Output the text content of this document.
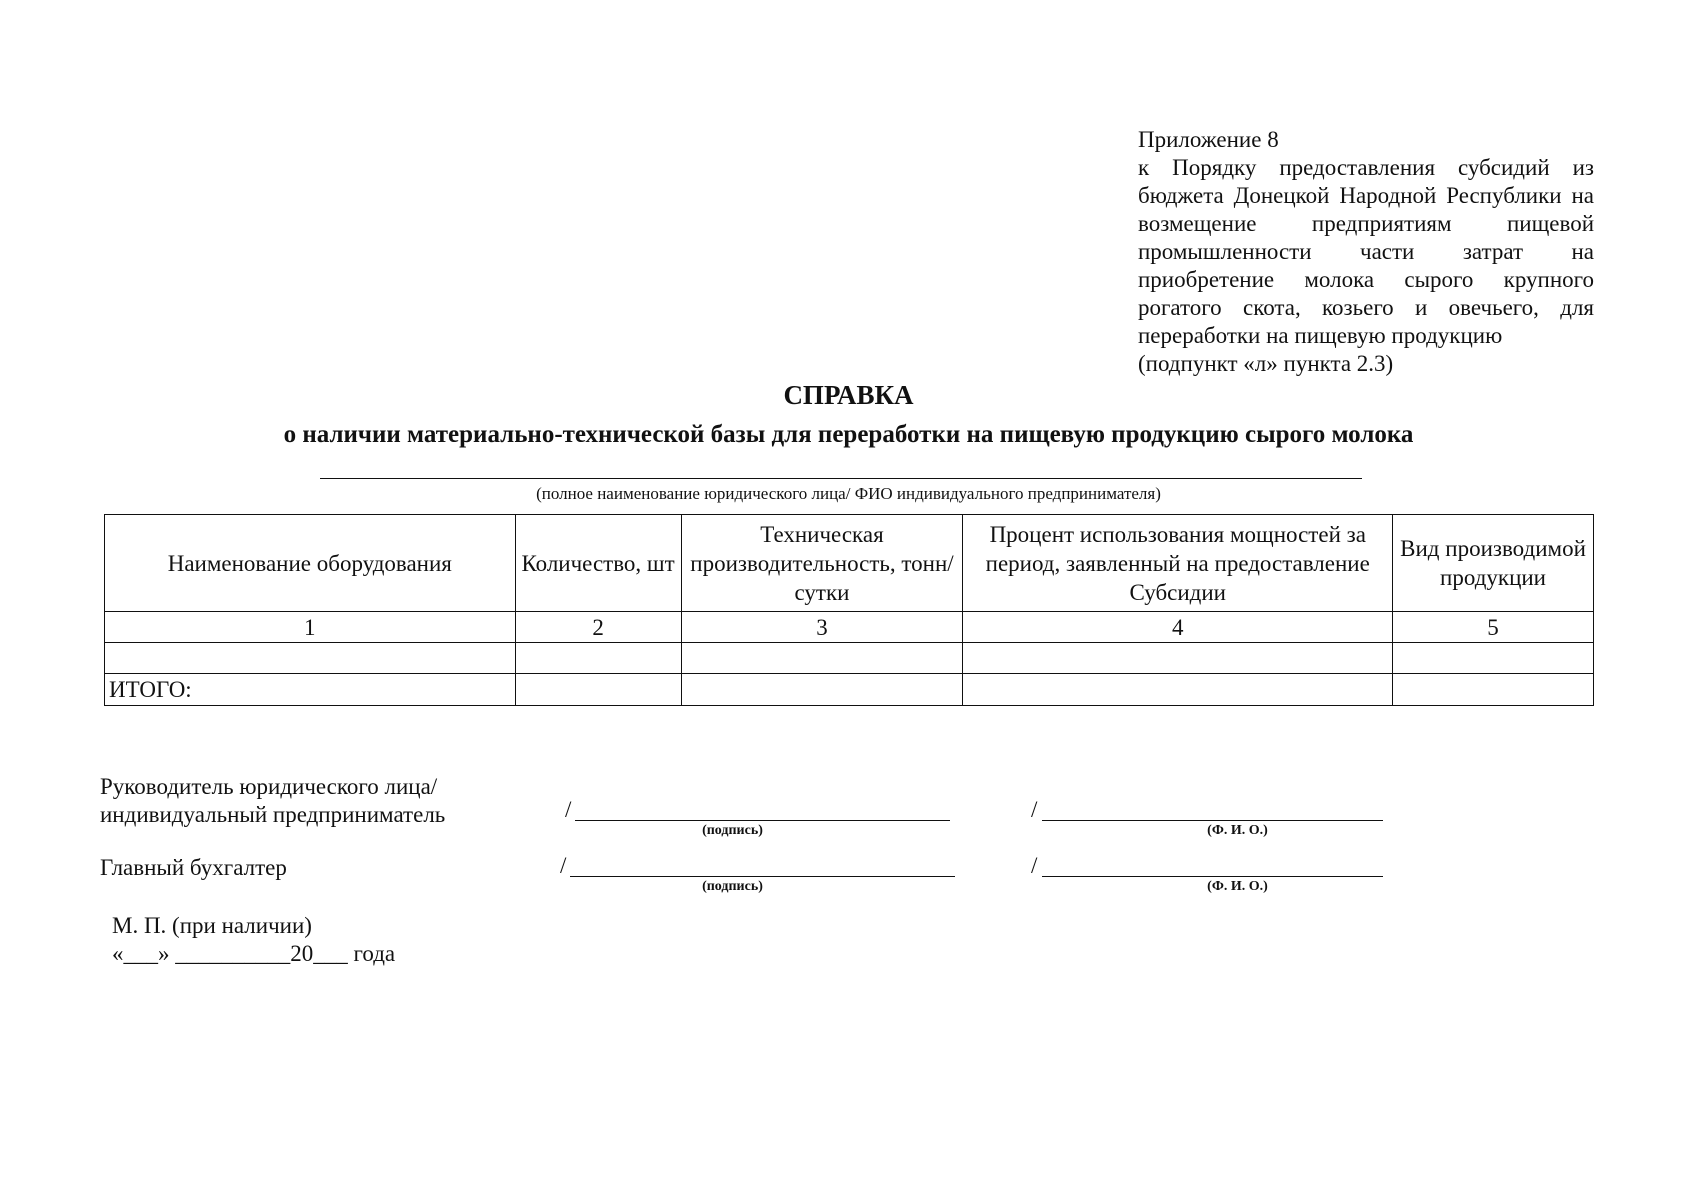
Приложение 8
к Порядку предоставления субсидий из бюджета Донецкой Народной Республики на возмещение предприятиям пищевой промышленности части затрат на приобретение молока сырого крупного рогатого скота, козьего и овечьего, для переработки на пищевую продукцию
(подпункт «л» пункта 2.3)
СПРАВКА
о наличии материально-технической базы для переработки на пищевую продукцию сырого молока
(полное наименование юридического лица/ ФИО индивидуального предпринимателя)
Наименование оборудования	Количество, шт	Техническая производительность, тонн/сутки	Процент использования мощностей за период, заявленный на предоставление Субсидии	Вид производимой продукции
1	2	3	4	5

ИТОГО:				
Руководитель юридического лица/
индивидуальный предприниматель	/
(подпись)
/
(Ф. И. О.)
Главный бухгалтер	/
(подпись)
/
(Ф. И. О.)
М. П. (при наличии)
«___» __________20___ года
